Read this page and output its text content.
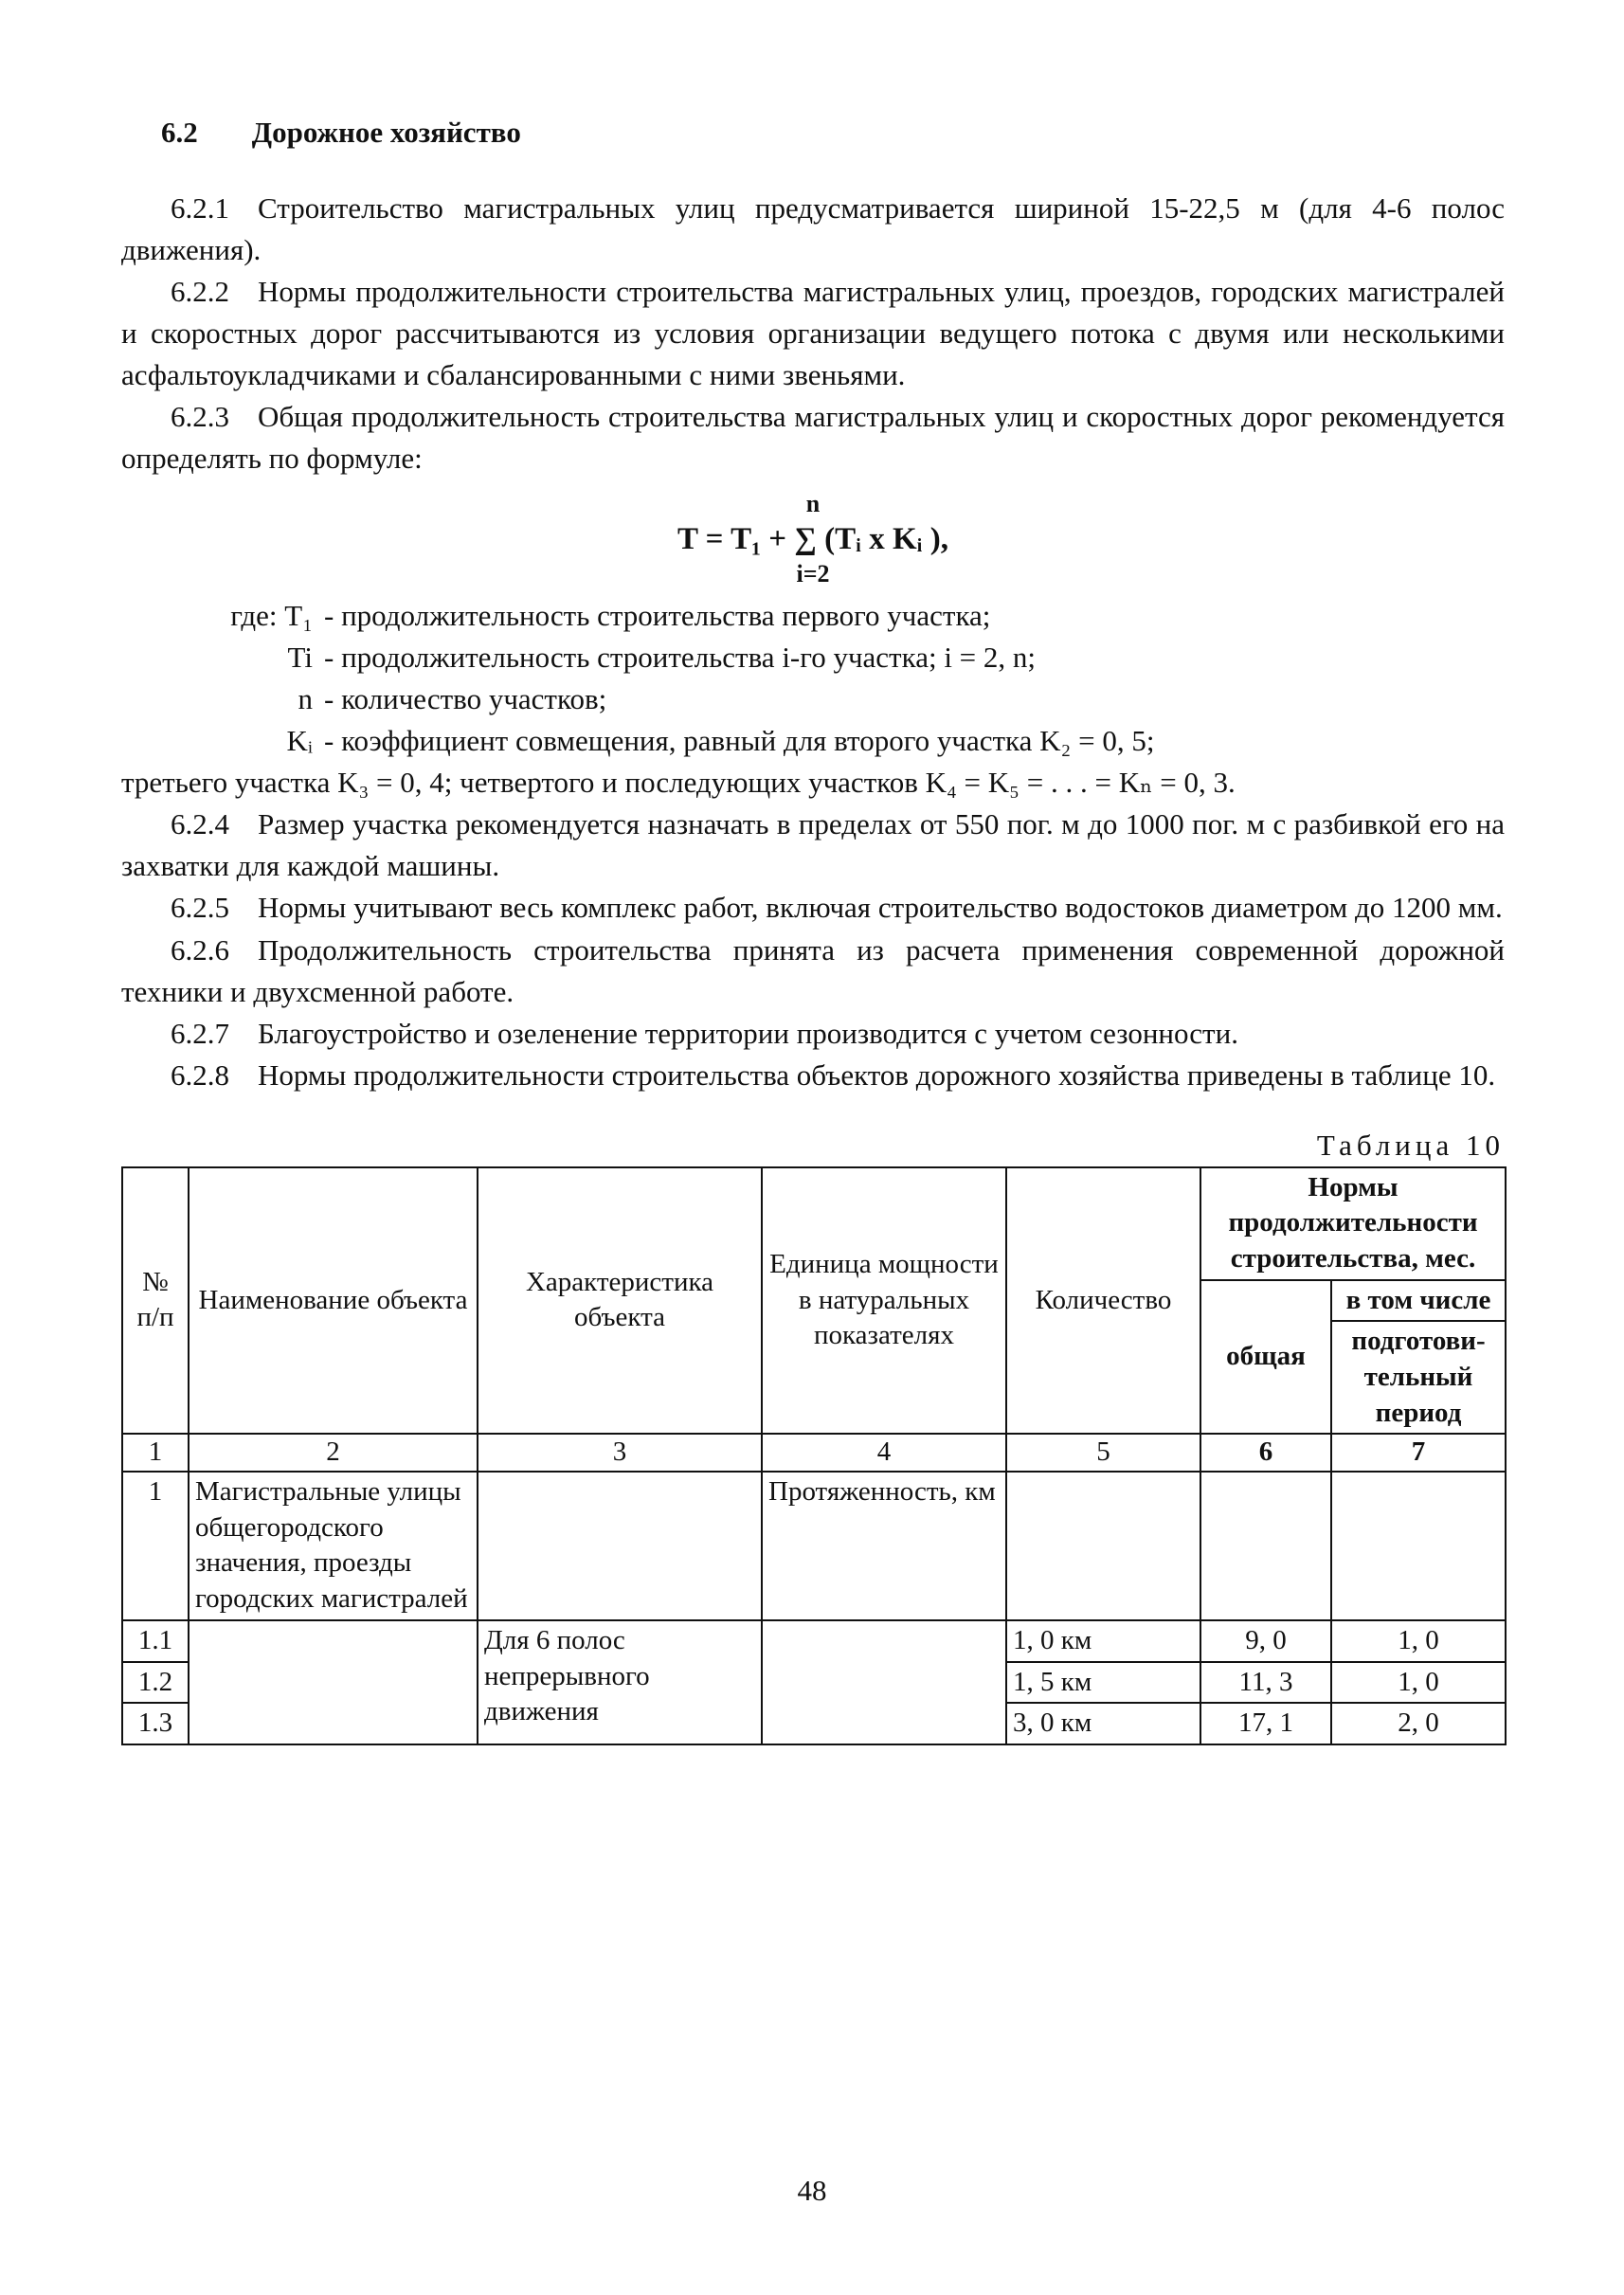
6.2 Дорожное хозяйство

6.2.1 Строительство магистральных улиц предусматривается шириной 15-22,5 м (для 4-6 полос движения).

6.2.2 Нормы продолжительности строительства магистральных улиц, проездов, городских магистралей и скоростных дорог рассчитываются из условия организации ведущего потока с двумя или несколькими асфальтоукладчиками и сбалансированными с ними звеньями.

6.2.3 Общая продолжительность строительства магистральных улиц и скоростных дорог рекомендуется определять по формуле:

n
T = T₁ + ∑ (Tᵢ x Kᵢ ),
i=2
где: T₁ - продолжительность строительства первого участка;
Ti - продолжительность строительства i-го участка; i = 2, n;
n - количество участков;
Kᵢ - коэффициент совмещения, равный для второго участка K₂ = 0, 5;

третьего участка K₃ = 0, 4; четвертого и последующих участков K₄ = K₅ = . . . = Kₙ = 0, 3.

6.2.4 Размер участка рекомендуется назначать в пределах от 550 пог. м до 1000 пог. м с разбивкой его на захватки для каждой машины.

6.2.5 Нормы учитывают весь комплекс работ, включая строительство водостоков диаметром до 1200 мм.

6.2.6 Продолжительность строительства принята из расчета применения современной дорожной техники и двухсменной работе.

6.2.7 Благоустройство и озеленение территории производится с учетом сезонности.

6.2.8 Нормы продолжительности строительства объектов дорожного хозяйства приведены в таблице 10.

Таблица 10
№ п/п	Наименование объекта	Характеристика объекта	Единица мощности в натуральных показателях	Количество	Нормы продолжительности строительства, мес.	
					общая	в том числе
						подготови-тельный период
1	2	3	4	5	6	7
1	Магистральные улицы общегородского значения, проезды городских магистралей		Протяженность, км			
1.1		Для 6 полос непрерывного движения		1, 0 км	9, 0	1, 0
1.2				1, 5 км	11, 3	1, 0
1.3				3, 0 км	17, 1	2, 0
48
